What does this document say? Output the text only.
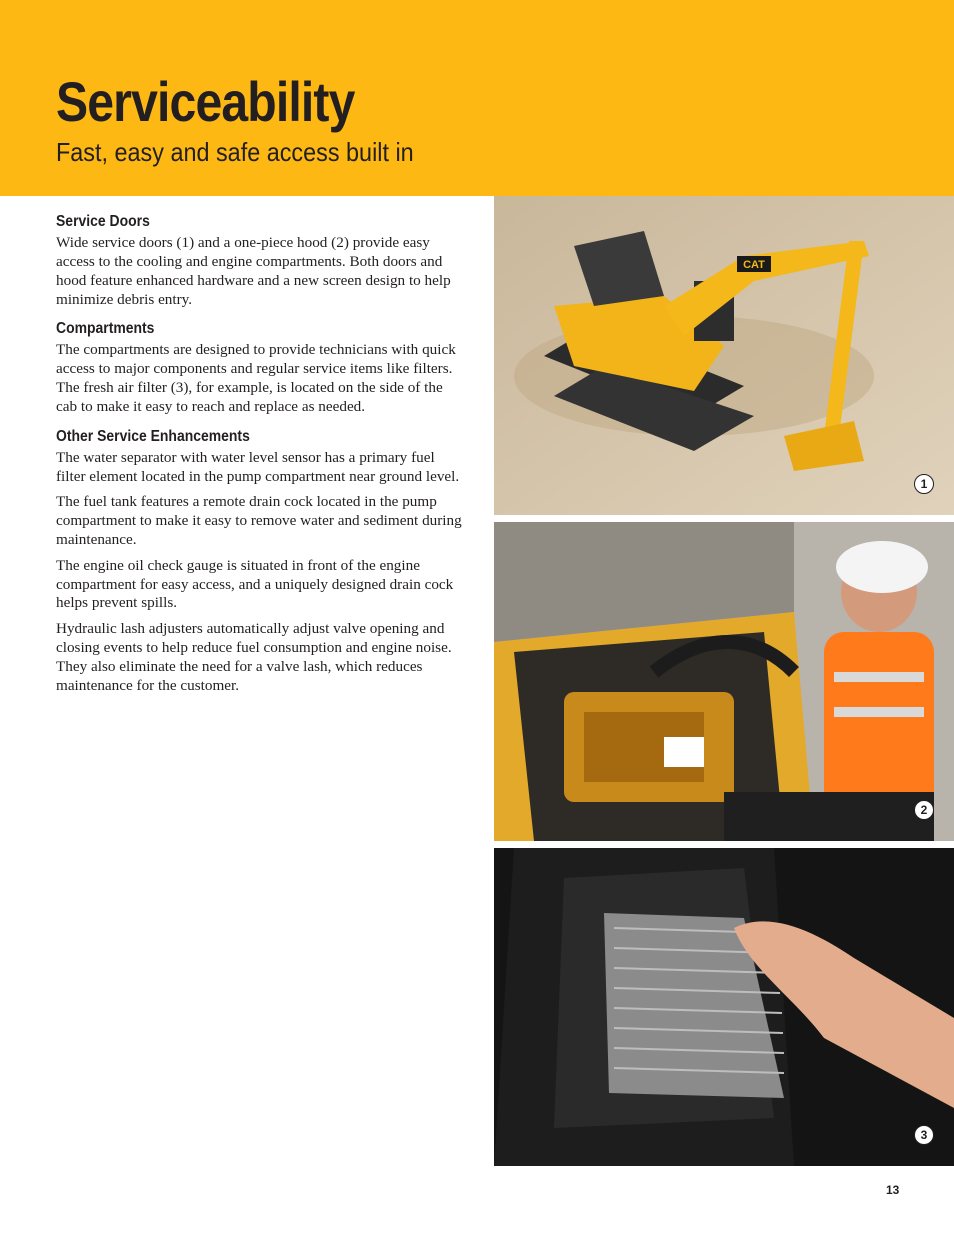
Serviceability
Fast, easy and safe access built in
Service Doors

Wide service doors (1) and a one-piece hood (2) provide easy access to the cooling and engine compartments. Both doors and hood feature enhanced hardware and a new screen design to help minimize debris entry.

Compartments

The compartments are designed to provide technicians with quick access to major components and regular service items like filters. The fresh air filter (3), for example, is located on the side of the cab to make it easy to reach and replace as needed.

Other Service Enhancements

The water separator with water level sensor has a primary fuel filter element located in the pump compartment near ground level.

The fuel tank features a remote drain cock located in the pump compartment to make it easy to remove water and sediment during maintenance.

The engine oil check gauge is situated in front of the engine compartment for easy access, and a uniquely designed drain cock helps prevent spills.

Hydraulic lash adjusters automatically adjust valve opening and closing events to help reduce fuel consumption and engine noise. They also eliminate the need for a valve lash, which reduces maintenance for the customer.

CAT
1
2
3
13
